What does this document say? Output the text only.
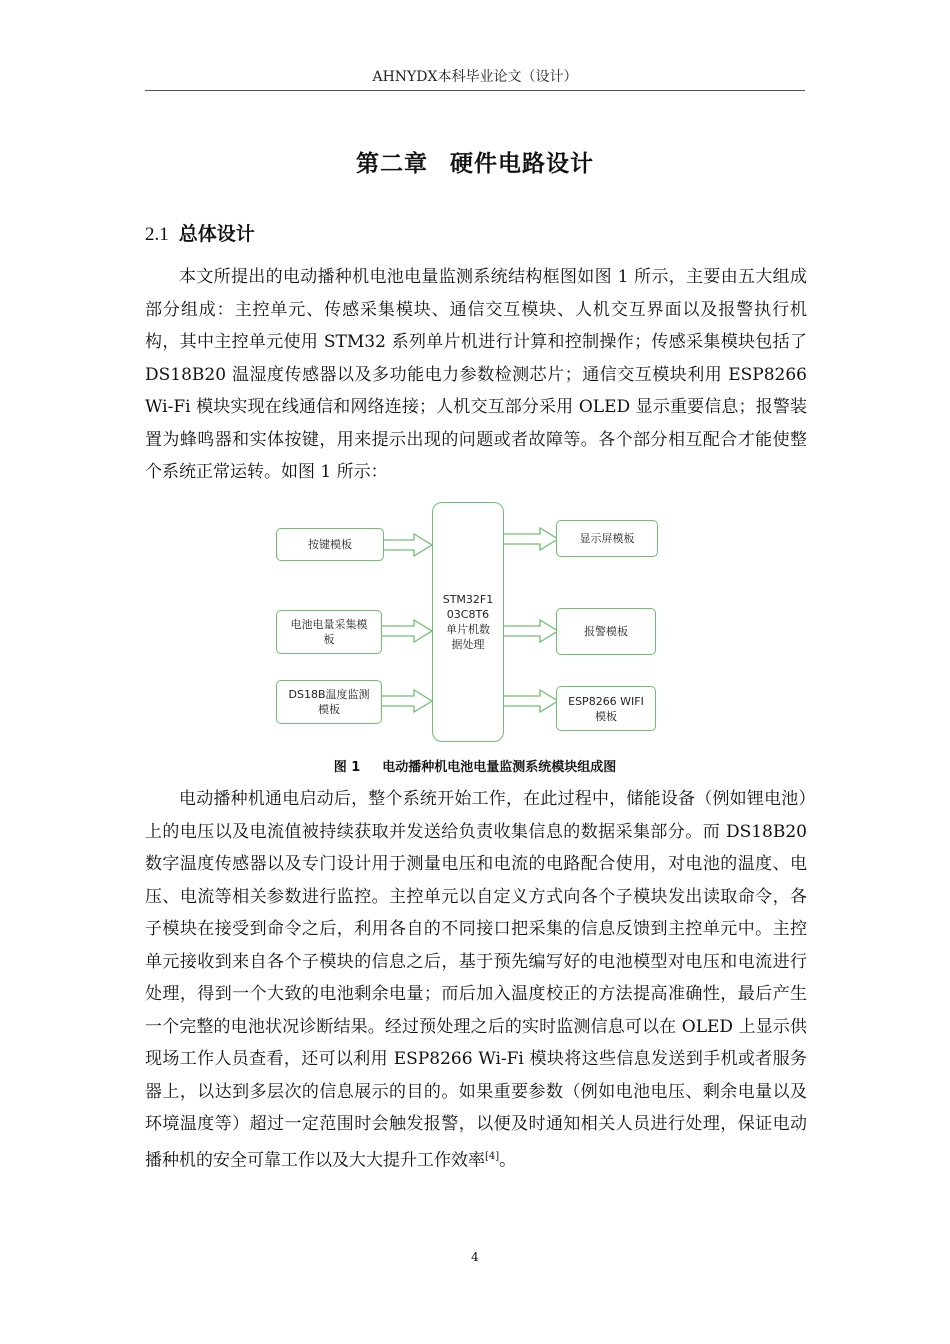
AHNYDX本科毕业论文（设计）
第二章 硬件电路设计
2.1 总体设计

本文所提出的电动播种机电池电量监测系统结构框图如图 1 所示，主要由五大组成部分组成：主控单元、传感采集模块、通信交互模块、人机交互界面以及报警执行机构，其中主控单元使用 STM32 系列单片机进行计算和控制操作；传感采集模块包括了 DS18B20 温湿度传感器以及多功能电力参数检测芯片；通信交互模块利用 ESP8266 Wi-Fi 模块实现在线通信和网络连接；人机交互部分采用 OLED 显示重要信息；报警装置为蜂鸣器和实体按键，用来提示出现的问题或者故障等。各个部分相互配合才能使整个系统正常运转。如图 1 所示：

按键模板
电池电量采集模
板
DS18B温度监测
模板
STM32F1
03C8T6
单片机数
据处理
显示屏模板
报警模板
ESP8266 WIFI
模板
图 1 电动播种机电池电量监测系统模块组成图

电动播种机通电启动后，整个系统开始工作，在此过程中，储能设备（例如锂电池）上的电压以及电流值被持续获取并发送给负责收集信息的数据采集部分。而 DS18B20 数字温度传感器以及专门设计用于测量电压和电流的电路配合使用，对电池的温度、电压、电流等相关参数进行监控。主控单元以自定义方式向各个子模块发出读取命令，各子模块在接受到命令之后，利用各自的不同接口把采集的信息反馈到主控单元中。主控单元接收到来自各个子模块的信息之后，基于预先编写好的电池模型对电压和电流进行处理，得到一个大致的电池剩余电量；而后加入温度校正的方法提高准确性，最后产生一个完整的电池状况诊断结果。经过预处理之后的实时监测信息可以在 OLED 上显示供现场工作人员查看，还可以利用 ESP8266 Wi-Fi 模块将这些信息发送到手机或者服务器上，以达到多层次的信息展示的目的。如果重要参数（例如电池电压、剩余电量以及环境温度等）超过一定范围时会触发报警，以便及时通知相关人员进行处理，保证电动播种机的安全可靠工作以及大大提升工作效率[4]。

4
